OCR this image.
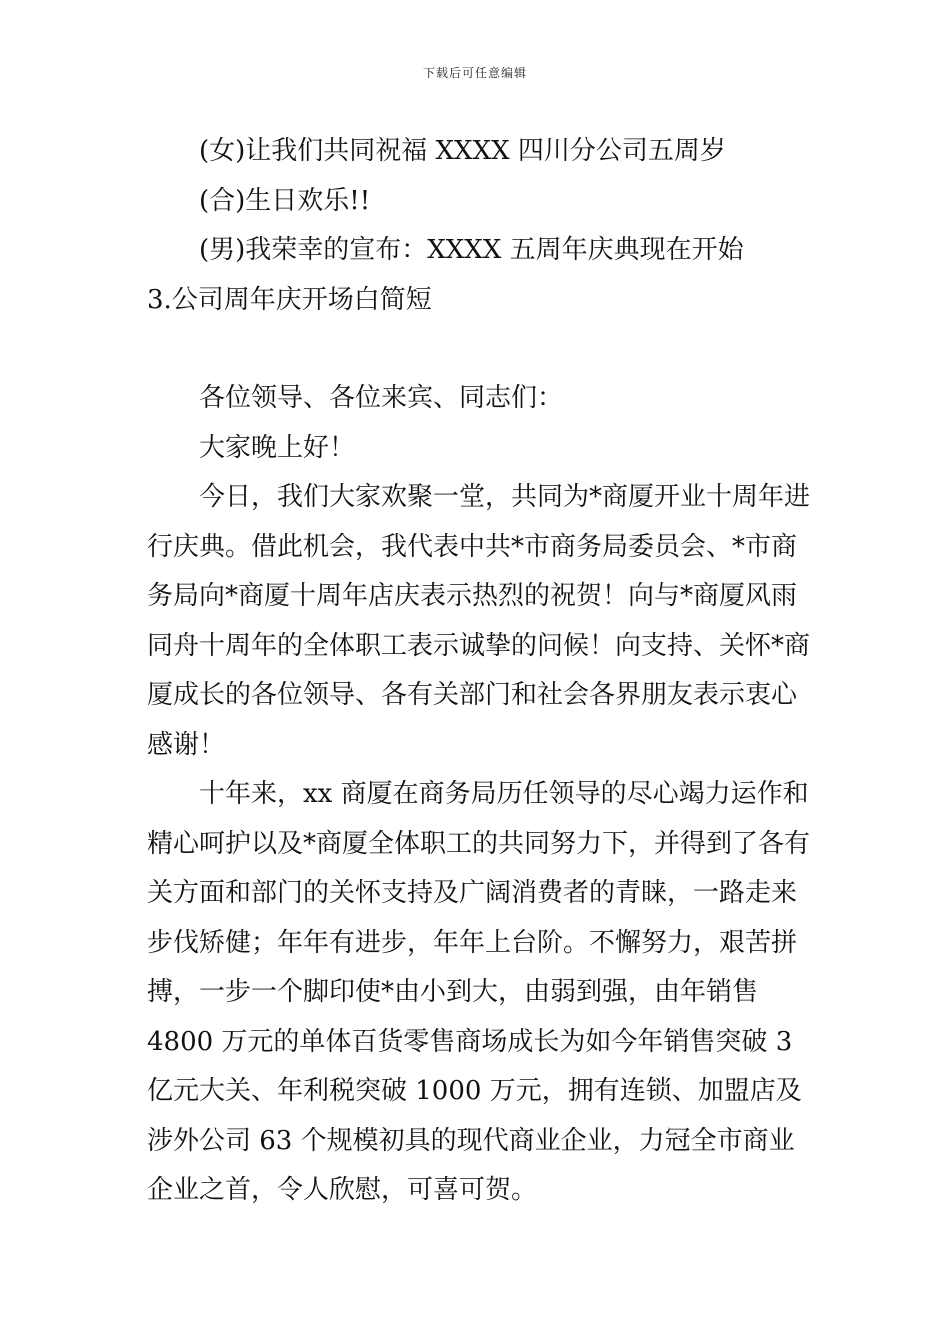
下载后可任意编辑

(女)让我们共同祝福 XXXX 四川分公司五周岁

(合)生日欢乐!!

(男)我荣幸的宣布：XXXX 五周年庆典现在开始

3.公司周年庆开场白简短

各位领导、各位来宾、同志们：

大家晚上好！

今日，我们大家欢聚一堂，共同为*商厦开业十周年进行庆典。借此机会，我代表中共*市商务局委员会、*市商务局向*商厦十周年店庆表示热烈的祝贺！向与*商厦风雨同舟十周年的全体职工表示诚挚的问候！向支持、关怀*商厦成长的各位领导、各有关部门和社会各界朋友表示衷心感谢！

十年来，xx 商厦在商务局历任领导的尽心竭力运作和精心呵护以及*商厦全体职工的共同努力下，并得到了各有关方面和部门的关怀支持及广阔消费者的青睐，一路走来步伐矫健；年年有进步，年年上台阶。不懈努力，艰苦拼搏，一步一个脚印使*由小到大，由弱到强，由年销售 4800 万元的单体百货零售商场成长为如今年销售突破 3 亿元大关、年利税突破 1000 万元，拥有连锁、加盟店及涉外公司 63 个规模初具的现代商业企业，力冠全市商业企业之首，令人欣慰，可喜可贺。
